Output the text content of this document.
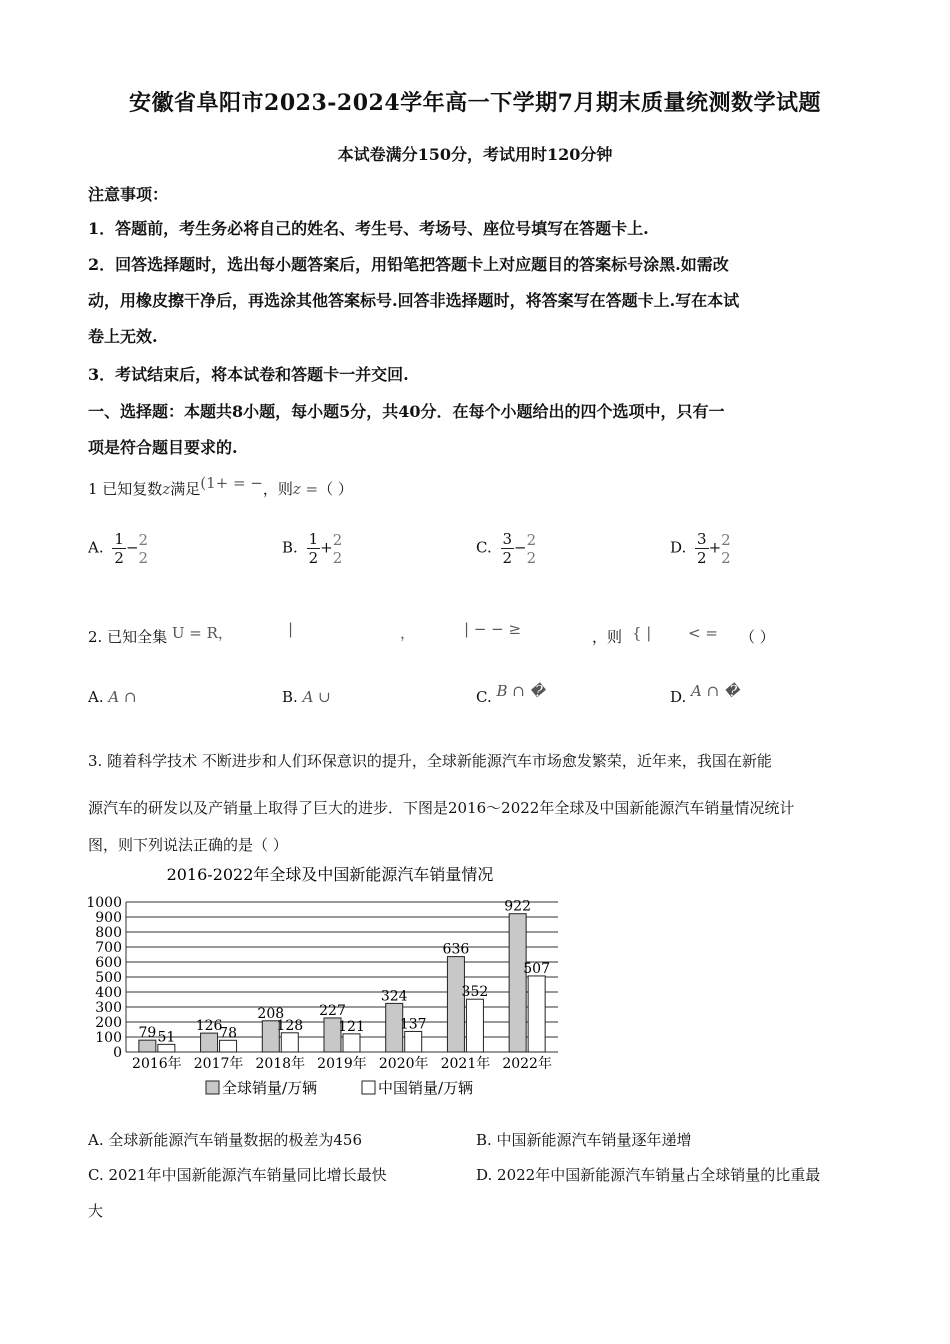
安徽省阜阳市2023-2024学年高一下学期7月期末质量统测数学试题
本试卷满分150分，考试用时120分钟
注意事项：
1．答题前，考生务必将自己的姓名、考生号、考场号、座位号填写在答题卡上.
2．回答选择题时，选出每小题答案后，用铅笔把答题卡上对应题目的答案标号涂黑.如需改
动，用橡皮擦干净后，再选涂其他答案标号.回答非选择题时，将答案写在答题卡上.写在本试
卷上无效.
3．考试结束后，将本试卷和答题卡一并交回.
一、选择题：本题共8小题，每小题5分，共40分．在每个小题给出的四个选项中，只有一
项是符合题目要求的.
1 已知复数z满足(1+ = −，则z =（ ）
A. $\frac{1}{2} - 2$
2
B. $\frac{1}{2} + 2$
2
C. $\frac{3}{2} - 2$
2
D. $\frac{3}{2} + 2$
2
2. 已知全集 U = R，	|	，	| − − ≥	，则 { | < = （ ）
A. A ∩	B. A ∪	C. B ∩ �	D. A ∩ �
3. 随着科学技术 不断进步和人们环保意识的提升，全球新能源汽车市场愈发繁荣，近年来，我国在新能
源汽车的研发以及产销量上取得了巨大的进步．下图是2016～2022年全球及中国新能源汽车销量情况统计
图，则下列说法正确的是（ ）
2016-2022年全球及中国新能源汽车销量情况
0
100
200
300
400
500
600
700
800
900
1000
79 51
126
78
208
128
227
121
324
137
636
352
922
507
2016年 2017年 2018年 2019年 2020年 2021年 2022年
全球销量/万辆	中国销量/万辆
A. 全球新能源汽车销量数据的极差为456	B. 中国新能源汽车销量逐年递增
C. 2021年中国新能源汽车销量同比增长最快	D. 2022年中国新能源汽车销量占全球销量的比重最
大
